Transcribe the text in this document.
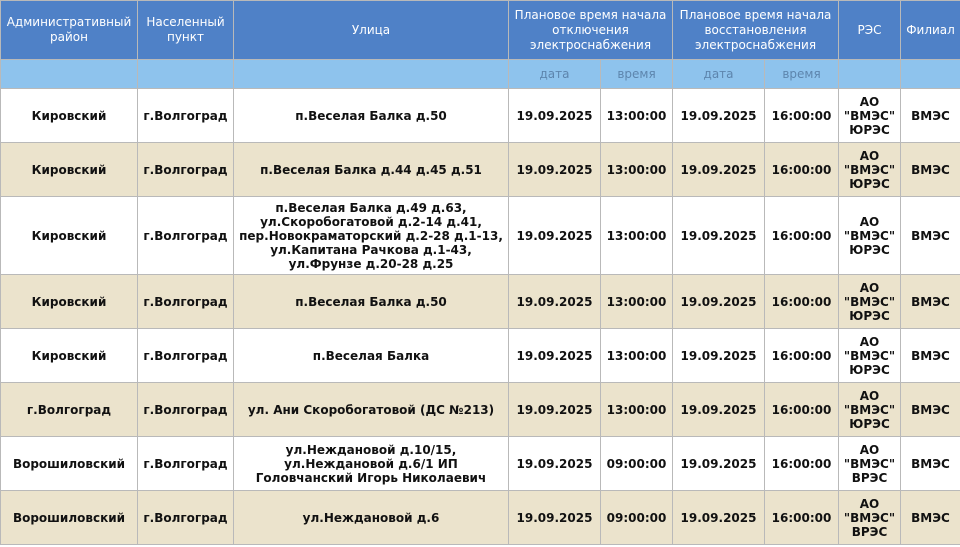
Административный район	Населенный пункт	Улица	Плановое время начала отключения электроснабжения		Плановое время начала восстановления электроснабжения		РЭС	Филиал
			дата	время	дата	время		
Кировский	г.Волгоград	п.Веселая Балка д.50	19.09.2025	13:00:00	19.09.2025	16:00:00	АО "ВМЭС" ЮРЭС	ВМЭС
Кировский	г.Волгоград	п.Веселая Балка д.44 д.45 д.51	19.09.2025	13:00:00	19.09.2025	16:00:00	АО "ВМЭС" ЮРЭС	ВМЭС
Кировский	г.Волгоград	п.Веселая Балка д.49 д.63, ул.Скоробогатовой д.2-14 д.41, пер.Новокраматорский д.2-28 д.1-13, ул.Капитана Рачкова д.1-43, ул.Фрунзе д.20-28 д.25	19.09.2025	13:00:00	19.09.2025	16:00:00	АО "ВМЭС" ЮРЭС	ВМЭС
Кировский	г.Волгоград	п.Веселая Балка д.50	19.09.2025	13:00:00	19.09.2025	16:00:00	АО "ВМЭС" ЮРЭС	ВМЭС
Кировский	г.Волгоград	п.Веселая Балка	19.09.2025	13:00:00	19.09.2025	16:00:00	АО "ВМЭС" ЮРЭС	ВМЭС
г.Волгоград	г.Волгоград	ул. Ани Скоробогатовой (ДС №213)	19.09.2025	13:00:00	19.09.2025	16:00:00	АО "ВМЭС" ЮРЭС	ВМЭС
Ворошиловский	г.Волгоград	ул.Неждановой д.10/15, ул.Неждановой д.6/1 ИП Головчанский Игорь Николаевич	19.09.2025	09:00:00	19.09.2025	16:00:00	АО "ВМЭС" ВРЭС	ВМЭС
Ворошиловский	г.Волгоград	ул.Неждановой д.6	19.09.2025	09:00:00	19.09.2025	16:00:00	АО "ВМЭС" ВРЭС	ВМЭС
